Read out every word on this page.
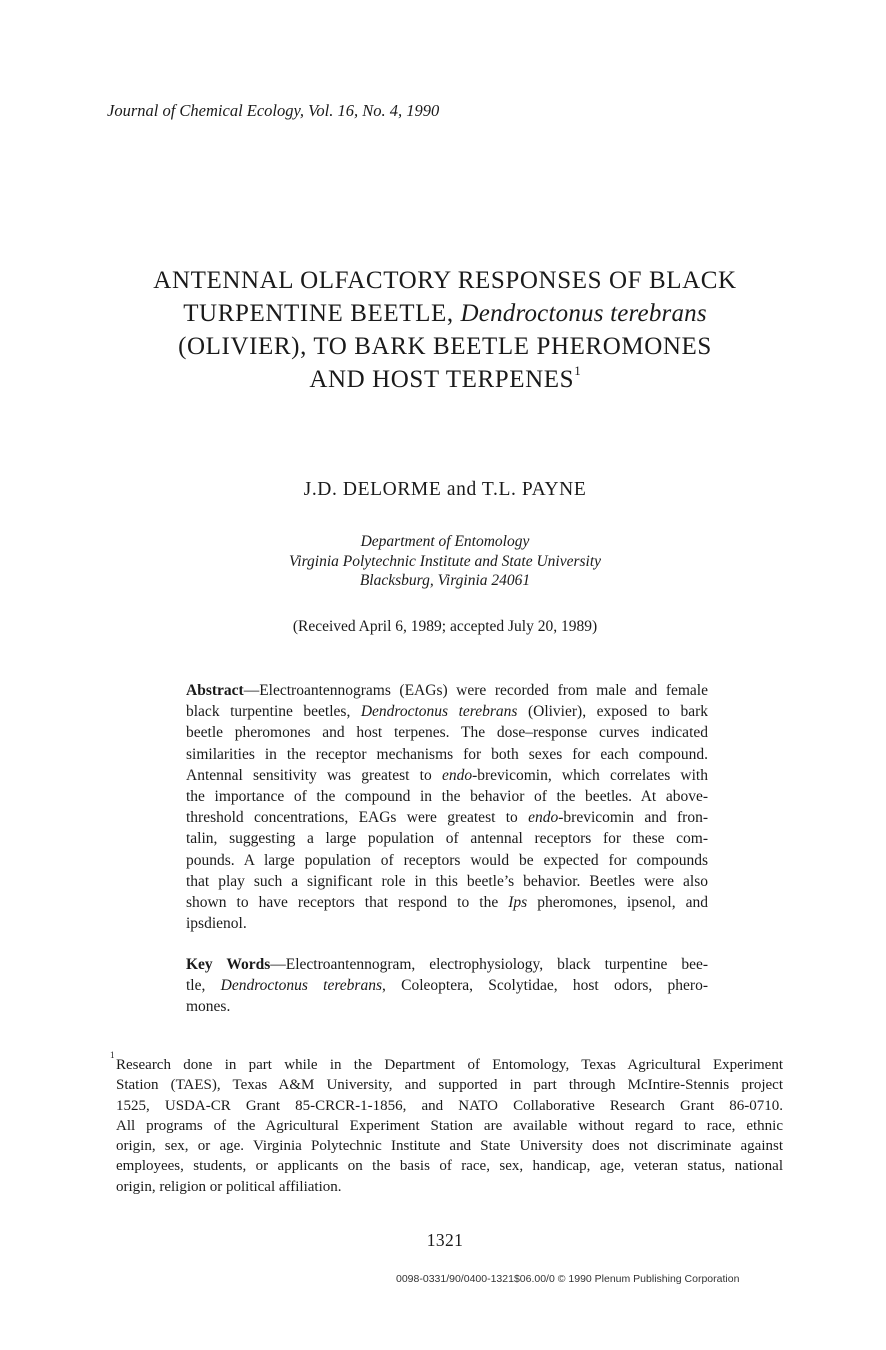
Journal of Chemical Ecology, Vol. 16, No. 4, 1990
ANTENNAL OLFACTORY RESPONSES OF BLACK
TURPENTINE BEETLE, Dendroctonus terebrans
(OLIVIER), TO BARK BEETLE PHEROMONES
AND HOST TERPENES$^1$
J.D. DELORME and T.L. PAYNE
Department of Entomology
Virginia Polytechnic Institute and State University
Blacksburg, Virginia 24061
(Received April 6, 1989; accepted July 20, 1989)
Abstract—Electroantennograms (EAGs) were recorded from male and female
black turpentine beetles, Dendroctonus terebrans (Olivier), exposed to bark
beetle pheromones and host terpenes. The dose–response curves indicated
similarities in the receptor mechanisms for both sexes for each compound.
Antennal sensitivity was greatest to endo-brevicomin, which correlates with
the importance of the compound in the behavior of the beetles. At above-
threshold concentrations, EAGs were greatest to endo-brevicomin and fron-
talin, suggesting a large population of antennal receptors for these com-
pounds. A large population of receptors would be expected for compounds
that play such a significant role in this beetle’s behavior. Beetles were also
shown to have receptors that respond to the Ips pheromones, ipsenol, and
ipsdienol.
Key Words—Electroantennogram, electrophysiology, black turpentine bee-
tle, Dendroctonus terebrans, Coleoptera, Scolytidae, host odors, phero-
mones.
1
Research done in part while in the Department of Entomology, Texas Agricultural Experiment
Station (TAES), Texas A&M University, and supported in part through McIntire-Stennis project
1525, USDA-CR Grant 85-CRCR-1-1856, and NATO Collaborative Research Grant 86-0710.
All programs of the Agricultural Experiment Station are available without regard to race, ethnic
origin, sex, or age. Virginia Polytechnic Institute and State University does not discriminate against
employees, students, or applicants on the basis of race, sex, handicap, age, veteran status, national
origin, religion or political affiliation.
1321
0098-0331/90/0400-1321$06.00/0 © 1990 Plenum Publishing Corporation
